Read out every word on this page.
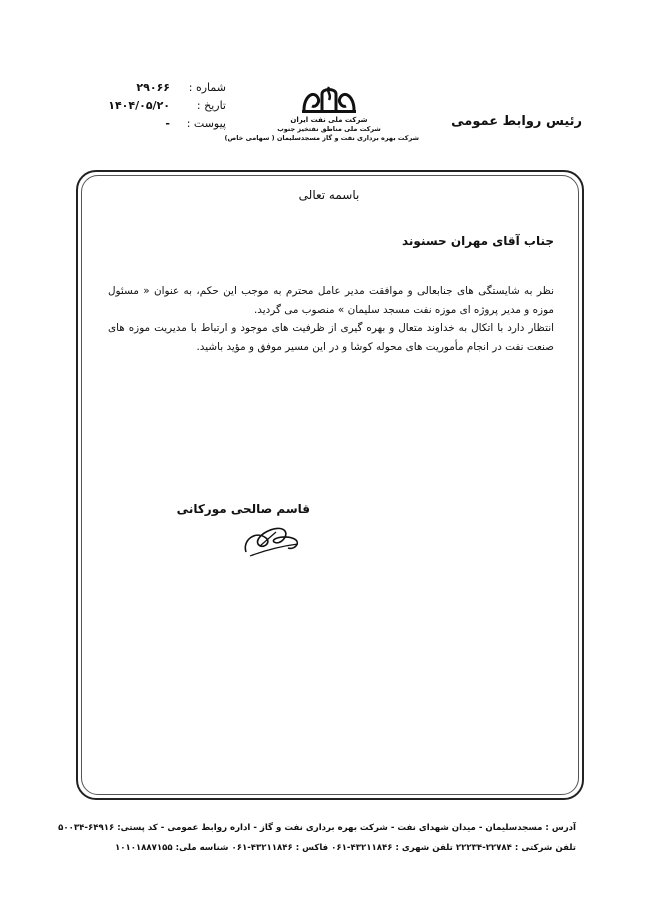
شماره :
۲۹۰۶۶
تاریخ :
۱۴۰۴/۰۵/۲۰
پیوست :
-	شرکت ملی نفت ایران
شرکت ملی مناطق نفتخیز جنوب
شرکت بهره برداری نفت و گاز مسجدسلیمان ( سهامی خاص)
رئیس روابط عمومی
باسمه تعالی
جناب آقای مهران حسنوند

نظر به شایستگی های جنابعالی و موافقت مدیر عامل محترم به موجب این حکم، به عنوان « مسئول موزه و مدیر پروژه ای موزه نفت مسجد سلیمان » منصوب می گردید.

انتظار دارد با اتکال به خداوند متعال و بهره گیری از ظرفیت های موجود و ارتباط با مدیریت موزه های صنعت نفت در انجام مأموریت های محوله کوشا و در این مسیر موفق و مؤید باشید.

قاسم صالحی مورکانی
آدرس : مسجدسلیمان - میدان شهدای نفت - شرکت بهره برداری نفت و گاز - اداره روابط عمومی - کد پستی: ۶۴۹۱۶-۵۰۰۳۴
تلفن شرکتی : ۲۲۷۸۴-۲۲۲۳۴ تلفن شهری : ۴۳۲۱۱۸۴۶-۰۶۱ فاکس : ۴۳۲۱۱۸۴۶-۰۶۱ شناسه ملی: ۱۰۱۰۱۸۸۷۱۵۵
